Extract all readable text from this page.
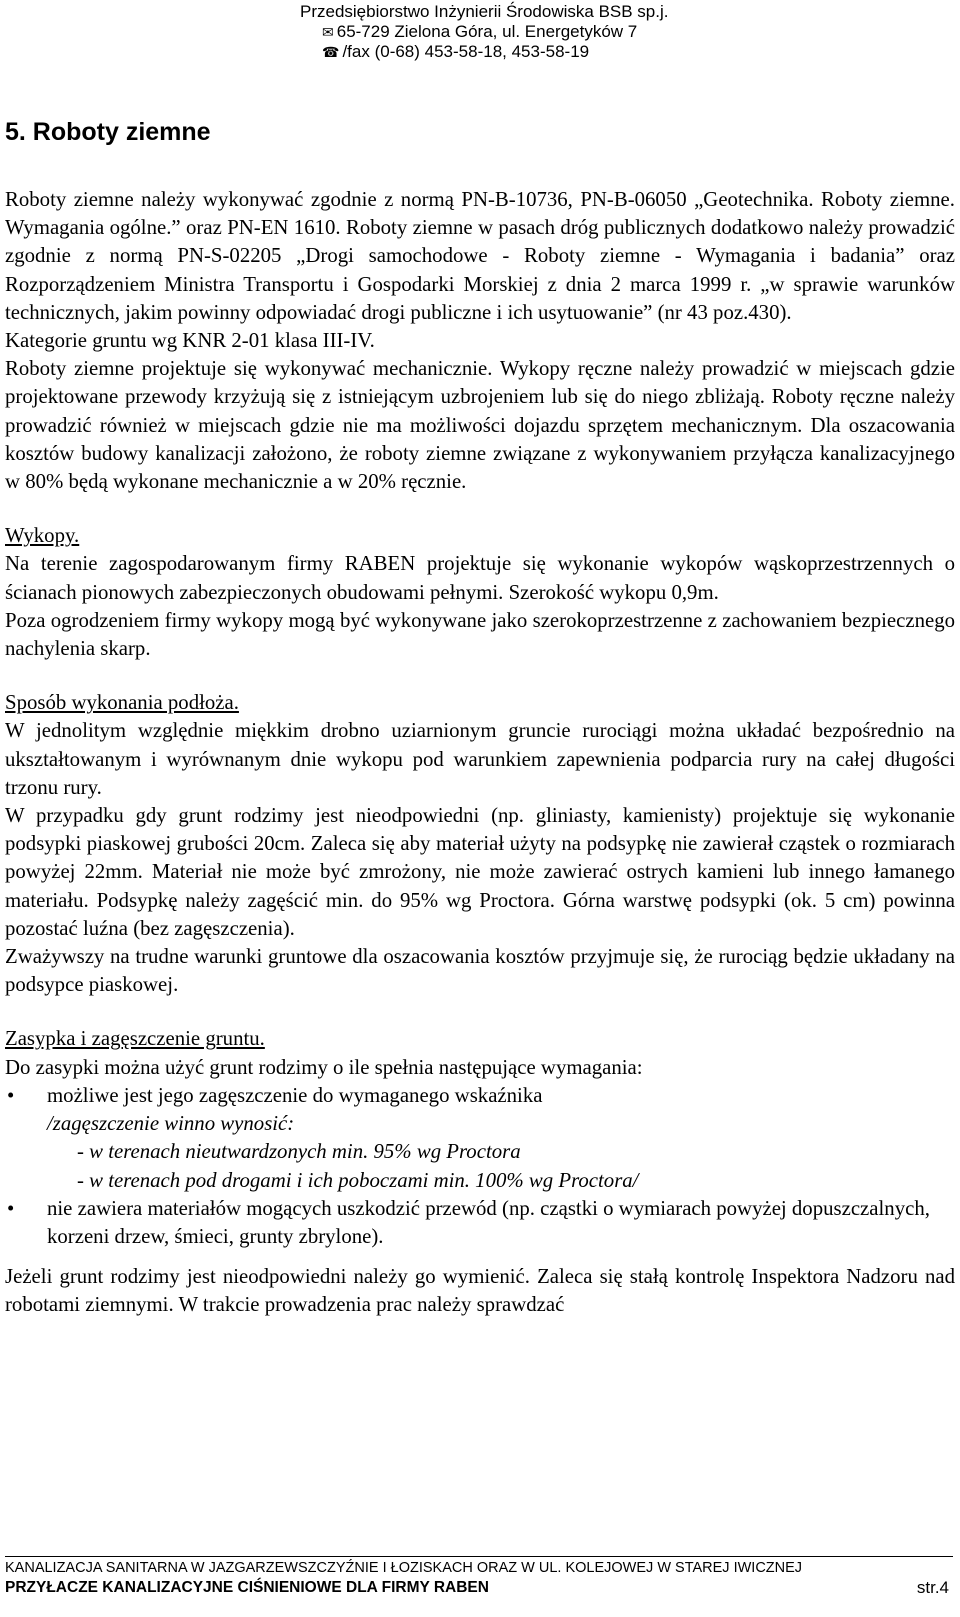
Przedsiębiorstwo Inżynierii Środowiska BSB sp.j.
✉ 65-729 Zielona Góra, ul. Energetyków 7
☎ /fax (0-68) 453-58-18, 453-58-19
5. Roboty ziemne

Roboty ziemne należy wykonywać zgodnie z normą PN-B-10736, PN-B-06050 „Geotechnika. Roboty ziemne. Wymagania ogólne.” oraz PN-EN 1610. Roboty ziemne w pasach dróg publicznych dodatkowo należy prowadzić zgodnie z normą PN-S-02205 „Drogi samochodowe - Roboty ziemne - Wymagania i badania” oraz Rozporządzeniem Ministra Transportu i Gospodarki Morskiej z dnia 2 marca 1999 r. „w sprawie warunków technicznych, jakim powinny odpowiadać drogi publiczne i ich usytuowanie” (nr 43 poz.430).

Kategorie gruntu wg KNR 2-01 klasa III-IV.

Roboty ziemne projektuje się wykonywać mechanicznie. Wykopy ręczne należy prowadzić w miejscach gdzie projektowane przewody krzyżują się z istniejącym uzbrojeniem lub się do niego zbliżają. Roboty ręczne należy prowadzić również w miejscach gdzie nie ma możliwości dojazdu sprzętem mechanicznym. Dla oszacowania kosztów budowy kanalizacji założono, że roboty ziemne związane z wykonywaniem przyłącza kanalizacyjnego w 80% będą wykonane mechanicznie a w 20% ręcznie.

Wykopy.

Na terenie zagospodarowanym firmy RABEN projektuje się wykonanie wykopów wąskoprzestrzennych o ścianach pionowych zabezpieczonych obudowami pełnymi. Szerokość wykopu 0,9m.

Poza ogrodzeniem firmy wykopy mogą być wykonywane jako szerokoprzestrzenne z zachowaniem bezpiecznego nachylenia skarp.

Sposób wykonania podłoża.

W jednolitym względnie miękkim drobno uziarnionym gruncie rurociągi można układać bezpośrednio na ukształtowanym i wyrównanym dnie wykopu pod warunkiem zapewnienia podparcia rury na całej długości trzonu rury.

W przypadku gdy grunt rodzimy jest nieodpowiedni (np. gliniasty, kamienisty) projektuje się wykonanie podsypki piaskowej grubości 20cm. Zaleca się aby materiał użyty na podsypkę nie zawierał cząstek o rozmiarach powyżej 22mm. Materiał nie może być zmrożony, nie może zawierać ostrych kamieni lub innego łamanego materiału. Podsypkę należy zagęścić min. do 95% wg Proctora. Górna warstwę podsypki (ok. 5 cm) powinna pozostać luźna (bez zagęszczenia).

Zważywszy na trudne warunki gruntowe dla oszacowania kosztów przyjmuje się, że rurociąg będzie układany na podsypce piaskowej.

Zasypka i zagęszczenie gruntu.

Do zasypki można użyć grunt rodzimy o ile spełnia następujące wymagania:

• możliwe jest jego zagęszczenie do wymaganego wskaźnika

/zagęszczenie winno wynosić:

- w terenach nieutwardzonych min. 95% wg Proctora

- w terenach pod drogami i ich poboczami min. 100% wg Proctora/

• nie zawiera materiałów mogących uszkodzić przewód (np. cząstki o wymiarach powyżej dopuszczalnych, korzeni drzew, śmieci, grunty zbrylone).

Jeżeli grunt rodzimy jest nieodpowiedni należy go wymienić. Zaleca się stałą kontrolę Inspektora Nadzoru nad robotami ziemnymi. W trakcie prowadzenia prac należy sprawdzać

KANALIZACJA SANITARNA W JAZGARZEWSZCZYŹNIE I ŁOZISKACH ORAZ W UL. KOLEJOWEJ W STAREJ IWICZNEJ
PRZYŁACZE KANALIZACYJNE CIŚNIENIOWE DLA FIRMY RABEN	str.4
